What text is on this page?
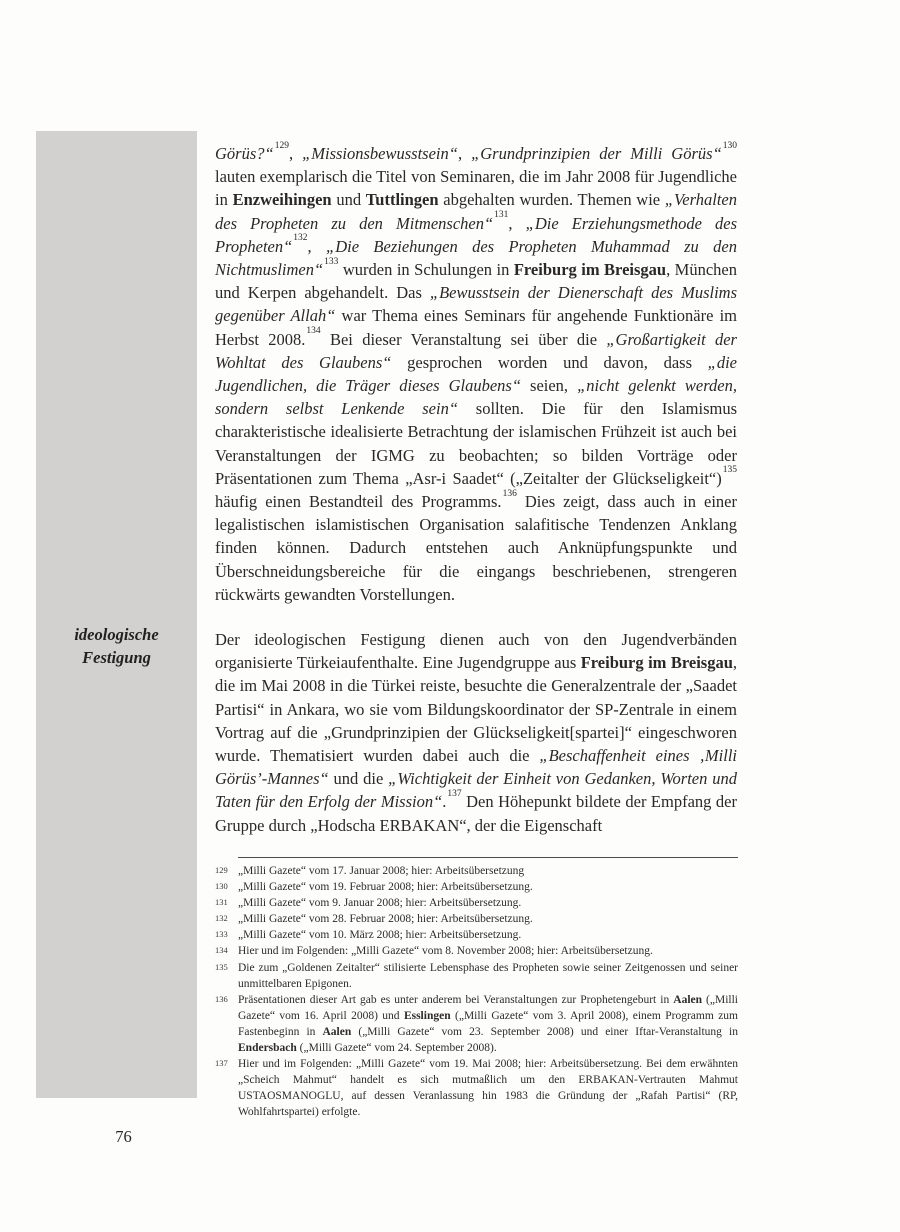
ideologische
Festigung

Görüs?“$^{129}$, „Missionsbewusstsein“, „Grundprinzipien der Milli Görüs“$^{130}$ lauten exemplarisch die Titel von Seminaren, die im Jahr 2008 für Jugendliche in Enzweihingen und Tuttlingen abgehalten wurden. Themen wie „Verhalten des Propheten zu den Mitmenschen“$^{131}$, „Die Erziehungsmethode des Propheten“$^{132}$, „Die Beziehungen des Propheten Muhammad zu den Nichtmuslimen“$^{133}$ wurden in Schulungen in Freiburg im Breisgau, München und Kerpen abgehandelt. Das „Bewusstsein der Dienerschaft des Muslims gegenüber Allah“ war Thema eines Seminars für angehende Funktionäre im Herbst 2008.$^{134}$ Bei dieser Veranstaltung sei über die „Großartigkeit der Wohltat des Glaubens“ gesprochen worden und davon, dass „die Jugendlichen, die Träger dieses Glaubens“ seien, „nicht gelenkt werden, sondern selbst Lenkende sein“ sollten. Die für den Islamismus charakteristische idealisierte Betrachtung der islamischen Frühzeit ist auch bei Veranstaltungen der IGMG zu beobachten; so bilden Vorträge oder Präsentationen zum Thema „Asr-i Saadet“ („Zeitalter der Glückseligkeit“)$^{135}$ häufig einen Bestandteil des Programms.$^{136}$ Dies zeigt, dass auch in einer legalistischen islamistischen Organisation salafitische Tendenzen Anklang finden können. Dadurch entstehen auch Anknüpfungspunkte und Überschneidungsbereiche für die eingangs beschriebenen, strengeren rückwärts gewandten Vorstellungen.

Der ideologischen Festigung dienen auch von den Jugendverbänden organisierte Türkeiaufenthalte. Eine Jugendgruppe aus Freiburg im Breisgau, die im Mai 2008 in die Türkei reiste, besuchte die Generalzentrale der „Saadet Partisi“ in Ankara, wo sie vom Bildungskoordinator der SP-Zentrale in einem Vortrag auf die „Grundprinzipien der Glückseligkeit[spartei]“ eingeschworen wurde. Thematisiert wurden dabei auch die „Beschaffenheit eines ‚Milli Görüs’-Mannes“ und die „Wichtigkeit der Einheit von Gedanken, Worten und Taten für den Erfolg der Mission“.$^{137}$ Den Höhepunkt bildete der Empfang der Gruppe durch „Hodscha ERBAKAN“, der die Eigenschaft

129 „Milli Gazete“ vom 17. Januar 2008; hier: Arbeitsübersetzung
130 „Milli Gazete“ vom 19. Februar 2008; hier: Arbeitsübersetzung.
131 „Milli Gazete“ vom 9. Januar 2008; hier: Arbeitsübersetzung.
132 „Milli Gazete“ vom 28. Februar 2008; hier: Arbeitsübersetzung.
133 „Milli Gazete“ vom 10. März 2008; hier: Arbeitsübersetzung.
134 Hier und im Folgenden: „Milli Gazete“ vom 8. November 2008; hier: Arbeitsübersetzung.
135 Die zum „Goldenen Zeitalter“ stilisierte Lebensphase des Propheten sowie seiner Zeitgenossen und seiner unmittelbaren Epigonen.
136 Präsentationen dieser Art gab es unter anderem bei Veranstaltungen zur Prophetengeburt in Aalen („Milli Gazete“ vom 16. April 2008) und Esslingen („Milli Gazete“ vom 3. April 2008), einem Programm zum Fastenbeginn in Aalen („Milli Gazete“ vom 23. September 2008) und einer Iftar-Veranstaltung in Endersbach („Milli Gazete“ vom 24. September 2008).
137 Hier und im Folgenden: „Milli Gazete“ vom 19. Mai 2008; hier: Arbeitsübersetzung. Bei dem erwähnten „Scheich Mahmut“ handelt es sich mutmaßlich um den ERBAKAN-Vertrauten Mahmut USTAOSMANOGLU, auf dessen Veranlassung hin 1983 die Gründung der „Rafah Partisi“ (RP, Wohlfahrtspartei) erfolgte.
76
